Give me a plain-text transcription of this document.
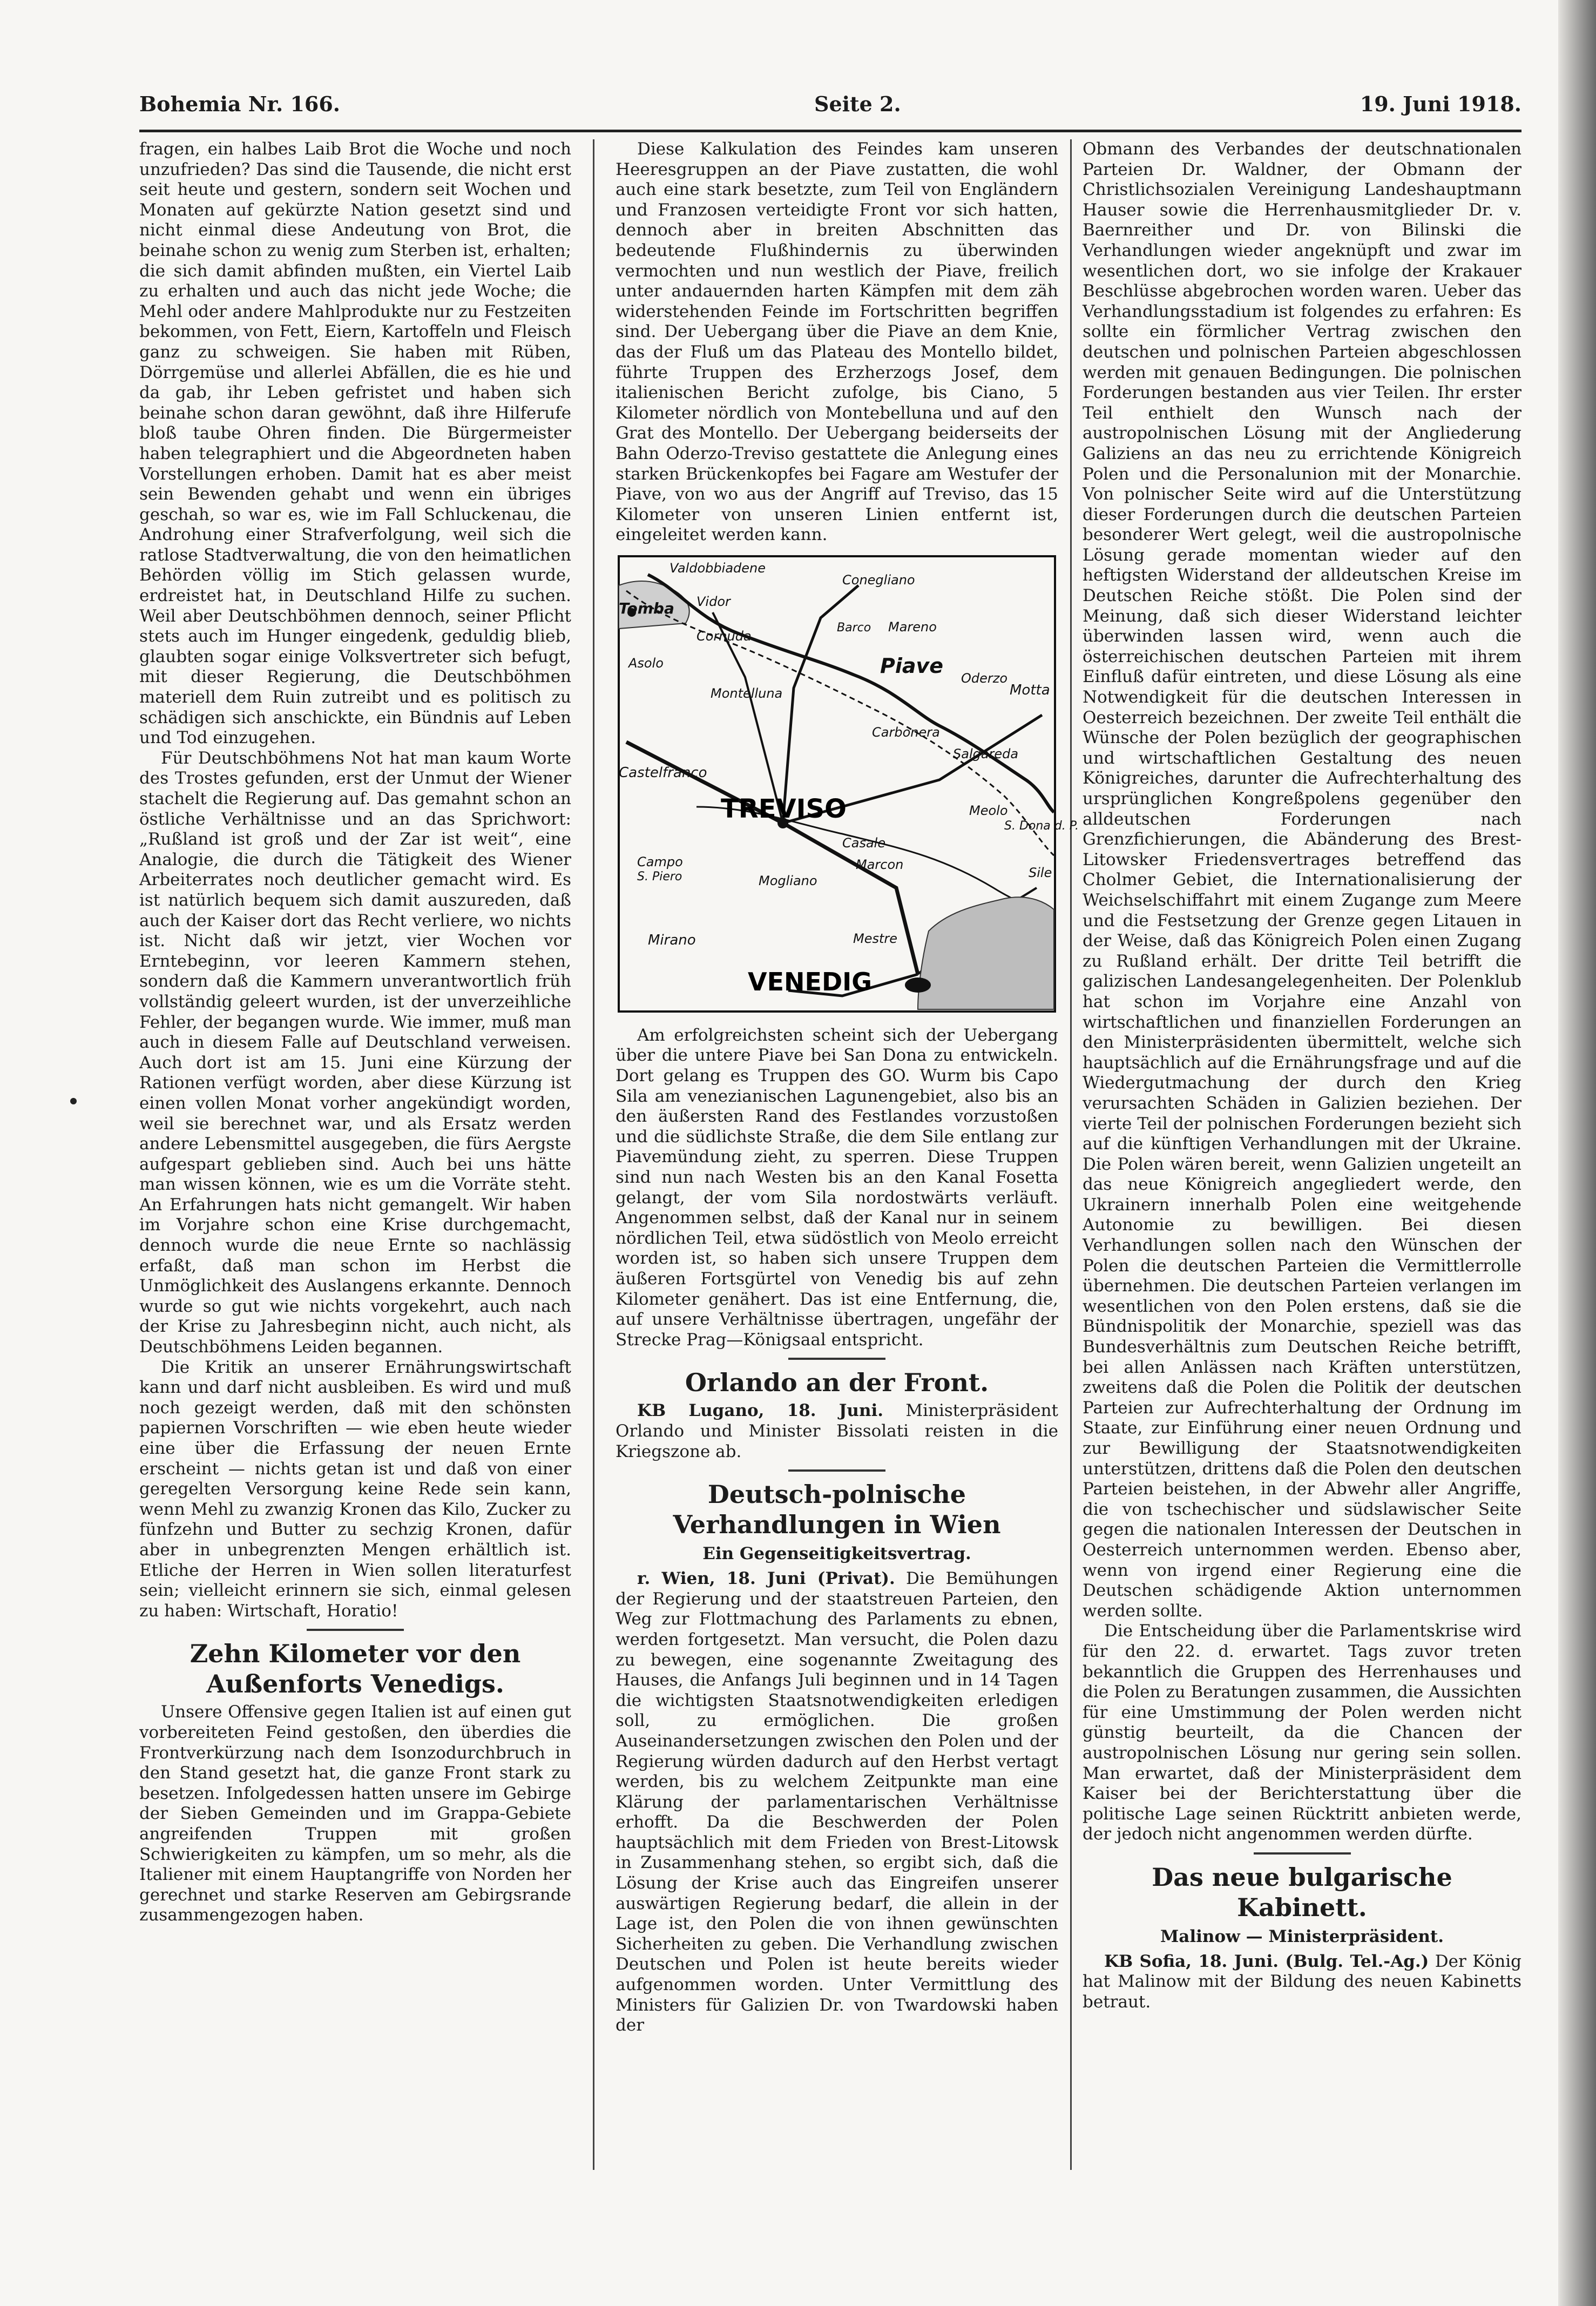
Bohemia Nr. 166.	Seite 2.	19. Juni 1918.

fragen, ein halbes Laib Brot die Woche und noch unzufrieden? Das sind die Tausende, die nicht erst seit heute und gestern, sondern seit Wochen und Monaten auf gekürzte Nation gesetzt sind und nicht einmal diese Andeutung von Brot, die beinahe schon zu wenig zum Sterben ist, erhalten; die sich damit abfinden mußten, ein Viertel Laib zu erhalten und auch das nicht jede Woche; die Mehl oder andere Mahlprodukte nur zu Festzeiten bekommen, von Fett, Eiern, Kartoffeln und Fleisch ganz zu schweigen. Sie haben mit Rüben, Dörrgemüse und allerlei Abfällen, die es hie und da gab, ihr Leben gefristet und haben sich beinahe schon daran gewöhnt, daß ihre Hilferufe bloß taube Ohren finden. Die Bürgermeister haben telegraphiert und die Abgeordneten haben Vorstellungen erhoben. Damit hat es aber meist sein Bewenden gehabt und wenn ein übriges geschah, so war es, wie im Fall Schluckenau, die Androhung einer Strafverfolgung, weil sich die ratlose Stadtverwaltung, die von den heimatlichen Behörden völlig im Stich gelassen wurde, erdreistet hat, in Deutschland Hilfe zu suchen. Weil aber Deutschböhmen dennoch, seiner Pflicht stets auch im Hunger eingedenk, geduldig blieb, glaubten sogar einige Volksvertreter sich befugt, mit dieser Regierung, die Deutschböhmen materiell dem Ruin zutreibt und es politisch zu schädigen sich anschickte, ein Bündnis auf Leben und Tod einzugehen.

Für Deutschböhmens Not hat man kaum Worte des Trostes gefunden, erst der Unmut der Wiener stachelt die Regierung auf. Das gemahnt schon an östliche Verhältnisse und an das Sprichwort: „Rußland ist groß und der Zar ist weit“, eine Analogie, die durch die Tätigkeit des Wiener Arbeiterrates noch deutlicher gemacht wird. Es ist natürlich bequem sich damit auszureden, daß auch der Kaiser dort das Recht verliere, wo nichts ist. Nicht daß wir jetzt, vier Wochen vor Erntebeginn, vor leeren Kammern stehen, sondern daß die Kammern unverantwortlich früh vollständig geleert wurden, ist der unverzeihliche Fehler, der begangen wurde. Wie immer, muß man auch in diesem Falle auf Deutschland verweisen. Auch dort ist am 15. Juni eine Kürzung der Rationen verfügt worden, aber diese Kürzung ist einen vollen Monat vorher angekündigt worden, weil sie berechnet war, und als Ersatz werden andere Lebensmittel ausgegeben, die fürs Aergste aufgespart geblieben sind. Auch bei uns hätte man wissen können, wie es um die Vorräte steht. An Erfahrungen hats nicht gemangelt. Wir haben im Vorjahre schon eine Krise durchgemacht, dennoch wurde die neue Ernte so nachlässig erfaßt, daß man schon im Herbst die Unmöglichkeit des Auslangens erkannte. Dennoch wurde so gut wie nichts vorgekehrt, auch nach der Krise zu Jahresbeginn nicht, auch nicht, als Deutschböhmens Leiden begannen.

Die Kritik an unserer Ernährungswirtschaft kann und darf nicht ausbleiben. Es wird und muß noch gezeigt werden, daß mit den schönsten papiernen Vorschriften — wie eben heute wieder eine über die Erfassung der neuen Ernte erscheint — nichts getan ist und daß von einer geregelten Versorgung keine Rede sein kann, wenn Mehl zu zwanzig Kronen das Kilo, Zucker zu fünfzehn und Butter zu sechzig Kronen, dafür aber in unbegrenzten Mengen erhältlich ist. Etliche der Herren in Wien sollen literaturfest sein; vielleicht erinnern sie sich, einmal gelesen zu haben: Wirtschaft, Horatio!

Zehn Kilometer vor den Außenforts Venedigs.

Unsere Offensive gegen Italien ist auf einen gut vorbereiteten Feind gestoßen, den überdies die Frontverkürzung nach dem Isonzodurchbruch in den Stand gesetzt hat, die ganze Front stark zu besetzen. Infolgedessen hatten unsere im Gebirge der Sieben Gemeinden und im Grappa-Gebiete angreifenden Truppen mit großen Schwierigkeiten zu kämpfen, um so mehr, als die Italiener mit einem Hauptangriffe von Norden her gerechnet und starke Reserven am Gebirgsrande zusammengezogen haben.

Diese Kalkulation des Feindes kam unseren Heeresgruppen an der Piave zustatten, die wohl auch eine stark besetzte, zum Teil von Engländern und Franzosen verteidigte Front vor sich hatten, dennoch aber in breiten Abschnitten das bedeutende Flußhindernis zu überwinden vermochten und nun westlich der Piave, freilich unter andauernden harten Kämpfen mit dem zäh widerstehenden Feinde im Fortschritten begriffen sind. Der Uebergang über die Piave an dem Knie, das der Fluß um das Plateau des Montello bildet, führte Truppen des Erzherzogs Josef, dem italienischen Bericht zufolge, bis Ciano, 5 Kilometer nördlich von Montebelluna und auf den Grat des Montello. Der Uebergang beiderseits der Bahn Oderzo-Treviso gestattete die Anlegung eines starken Brückenkopfes bei Fagare am Westufer der Piave, von wo aus der Angriff auf Treviso, das 15 Kilometer von unseren Linien entfernt ist, eingeleitet werden kann.

Valdobbiadene
Conegliano
Tomba Vidor
Barco Mareno
Cornuda
Asolo
Montelluna
Piave
Oderzo
Motta
Carbonera
Salgareda
Castelfranco
TREVISO	Meolo
S. Dona d. P.
Casale
Campo
S. Piero
Marcon
Mogliano
Sile
Mirano	Mestre
VENEDIG

Am erfolgreichsten scheint sich der Uebergang über die untere Piave bei San Dona zu entwickeln. Dort gelang es Truppen des GO. Wurm bis Capo Sila am venezianischen Lagunengebiet, also bis an den äußersten Rand des Festlandes vorzustoßen und die südlichste Straße, die dem Sile entlang zur Piavemündung zieht, zu sperren. Diese Truppen sind nun nach Westen bis an den Kanal Fosetta gelangt, der vom Sila nordostwärts verläuft. Angenommen selbst, daß der Kanal nur in seinem nördlichen Teil, etwa südöstlich von Meolo erreicht worden ist, so haben sich unsere Truppen dem äußeren Fortsgürtel von Venedig bis auf zehn Kilometer genähert. Das ist eine Entfernung, die, auf unsere Verhältnisse übertragen, ungefähr der Strecke Prag—Königsaal entspricht.

Orlando an der Front.

KB Lugano, 18. Juni. Ministerpräsident Orlando und Minister Bissolati reisten in die Kriegszone ab.

Deutsch-polnische Verhandlungen in Wien
Ein Gegenseitigkeitsvertrag.

r. Wien, 18. Juni (Privat). Die Bemühungen der Regierung und der staatstreuen Parteien, den Weg zur Flottmachung des Parlaments zu ebnen, werden fortgesetzt. Man versucht, die Polen dazu zu bewegen, eine sogenannte Zweitagung des Hauses, die Anfangs Juli beginnen und in 14 Tagen die wichtigsten Staatsnotwendigkeiten erledigen soll, zu ermöglichen. Die großen Auseinandersetzungen zwischen den Polen und der Regierung würden dadurch auf den Herbst vertagt werden, bis zu welchem Zeitpunkte man eine Klärung der parlamentarischen Verhältnisse erhofft. Da die Beschwerden der Polen hauptsächlich mit dem Frieden von Brest-Litowsk in Zusammenhang stehen, so ergibt sich, daß die Lösung der Krise auch das Eingreifen unserer auswärtigen Regierung bedarf, die allein in der Lage ist, den Polen die von ihnen gewünschten Sicherheiten zu geben. Die Verhandlung zwischen Deutschen und Polen ist heute bereits wieder aufgenommen worden. Unter Vermittlung des Ministers für Galizien Dr. von Twardowski haben der

Obmann des Verbandes der deutschnationalen Parteien Dr. Waldner, der Obmann der Christlichsozialen Vereinigung Landeshauptmann Hauser sowie die Herrenhausmitglieder Dr. v. Baernreither und Dr. von Bilinski die Verhandlungen wieder angeknüpft und zwar im wesentlichen dort, wo sie infolge der Krakauer Beschlüsse abgebrochen worden waren. Ueber das Verhandlungsstadium ist folgendes zu erfahren: Es sollte ein förmlicher Vertrag zwischen den deutschen und polnischen Parteien abgeschlossen werden mit genauen Bedingungen. Die polnischen Forderungen bestanden aus vier Teilen. Ihr erster Teil enthielt den Wunsch nach der austropolnischen Lösung mit der Angliederung Galiziens an das neu zu errichtende Königreich Polen und die Personalunion mit der Monarchie. Von polnischer Seite wird auf die Unterstützung dieser Forderungen durch die deutschen Parteien besonderer Wert gelegt, weil die austropolnische Lösung gerade momentan wieder auf den heftigsten Widerstand der alldeutschen Kreise im Deutschen Reiche stößt. Die Polen sind der Meinung, daß sich dieser Widerstand leichter überwinden lassen wird, wenn auch die österreichischen deutschen Parteien mit ihrem Einfluß dafür eintreten, und diese Lösung als eine Notwendigkeit für die deutschen Interessen in Oesterreich bezeichnen. Der zweite Teil enthält die Wünsche der Polen bezüglich der geographischen und wirtschaftlichen Gestaltung des neuen Königreiches, darunter die Aufrechterhaltung des ursprünglichen Kongreßpolens gegenüber den alldeutschen Forderungen nach Grenzfichierungen, die Abänderung des Brest-Litowsker Friedensvertrages betreffend das Cholmer Gebiet, die Internationalisierung der Weichselschiffahrt mit einem Zugange zum Meere und die Festsetzung der Grenze gegen Litauen in der Weise, daß das Königreich Polen einen Zugang zu Rußland erhält. Der dritte Teil betrifft die galizischen Landesangelegenheiten. Der Polenklub hat schon im Vorjahre eine Anzahl von wirtschaftlichen und finanziellen Forderungen an den Ministerpräsidenten übermittelt, welche sich hauptsächlich auf die Ernährungsfrage und auf die Wiedergutmachung der durch den Krieg verursachten Schäden in Galizien beziehen. Der vierte Teil der polnischen Forderungen bezieht sich auf die künftigen Verhandlungen mit der Ukraine. Die Polen wären bereit, wenn Galizien ungeteilt an das neue Königreich angegliedert werde, den Ukrainern innerhalb Polen eine weitgehende Autonomie zu bewilligen. Bei diesen Verhandlungen sollen nach den Wünschen der Polen die deutschen Parteien die Vermittlerrolle übernehmen. Die deutschen Parteien verlangen im wesentlichen von den Polen erstens, daß sie die Bündnispolitik der Monarchie, speziell was das Bundesverhältnis zum Deutschen Reiche betrifft, bei allen Anlässen nach Kräften unterstützen, zweitens daß die Polen die Politik der deutschen Parteien zur Aufrechterhaltung der Ordnung im Staate, zur Einführung einer neuen Ordnung und zur Bewilligung der Staatsnotwendigkeiten unterstützen, drittens daß die Polen den deutschen Parteien beistehen, in der Abwehr aller Angriffe, die von tschechischer und südslawischer Seite gegen die nationalen Interessen der Deutschen in Oesterreich unternommen werden. Ebenso aber, wenn von irgend einer Regierung eine die Deutschen schädigende Aktion unternommen werden sollte.

Die Entscheidung über die Parlamentskrise wird für den 22. d. erwartet. Tags zuvor treten bekanntlich die Gruppen des Herrenhauses und die Polen zu Beratungen zusammen, die Aussichten für eine Umstimmung der Polen werden nicht günstig beurteilt, da die Chancen der austropolnischen Lösung nur gering sein sollen. Man erwartet, daß der Ministerpräsident dem Kaiser bei der Berichterstattung über die politische Lage seinen Rücktritt anbieten werde, der jedoch nicht angenommen werden dürfte.

Das neue bulgarische Kabinett.
Malinow — Ministerpräsident.

KB Sofia, 18. Juni. (Bulg. Tel.-Ag.) Der König hat Malinow mit der Bildung des neuen Kabinetts betraut.
